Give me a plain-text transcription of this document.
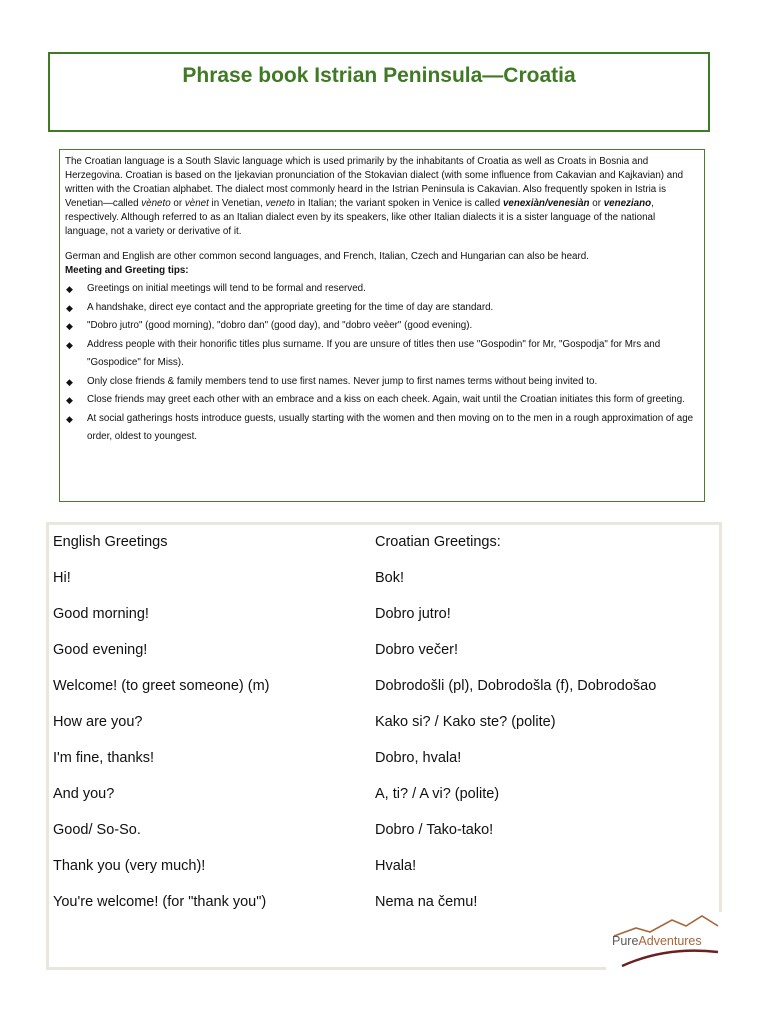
Phrase book Istrian Peninsula—Croatia

The Croatian language is a South Slavic language which is used primarily by the inhabitants of Croatia as well as Croats in Bosnia and Herzegovina. Croatian is based on the Ijekavian pronunciation of the Stokavian dialect (with some influence from Cakavian and Kajkavian) and written with the Croatian alphabet. The dialect most commonly heard in the Istrian Peninsula is Cakavian. Also frequently spoken in Istria is Venetian—called vèneto or vènet in Venetian, veneto in Italian; the variant spoken in Venice is called venexiàn/venesiàn or veneziano, respectively. Although referred to as an Italian dialect even by its speakers, like other Italian dialects it is a sister language of the national language, not a variety or derivative of it.

German and English are other common second languages, and French, Italian, Czech and Hungarian can also be heard.

Meeting and Greeting tips:

◆ Greetings on initial meetings will tend to be formal and reserved.
◆ A handshake, direct eye contact and the appropriate greeting for the time of day are standard.
◆ "Dobro jutro" (good morning), "dobro dan" (good day), and "dobro veèer" (good evening).
◆ Address people with their honorific titles plus surname. If you are unsure of titles then use "Gospodin" for Mr, "Gospodja" for Mrs and "Gospodice" for Miss).
◆ Only close friends & family members tend to use first names. Never jump to first names terms without being invited to.
◆ Close friends may greet each other with an embrace and a kiss on each cheek. Again, wait until the Croatian initiates this form of greeting.
◆ At social gatherings hosts introduce guests, usually starting with the women and then moving on to the men in a rough approximation of age order, oldest to youngest.
English Greetings	Croatian Greetings:
Hi!	Bok!
Good morning!	Dobro jutro!
Good evening!	Dobro večer!
Welcome! (to greet someone) (m)	Dobrodošli (pl), Dobrodošla (f), Dobrodošao
How are you?	Kako si? / Kako ste? (polite)
I'm fine, thanks!	Dobro, hvala!
And you?	A, ti? / A vi? (polite)
Good/ So-So.	Dobro / Tako-tako!
Thank you (very much)!	Hvala!
You're welcome! (for "thank you")	Nema na čemu!
PureAdventures
